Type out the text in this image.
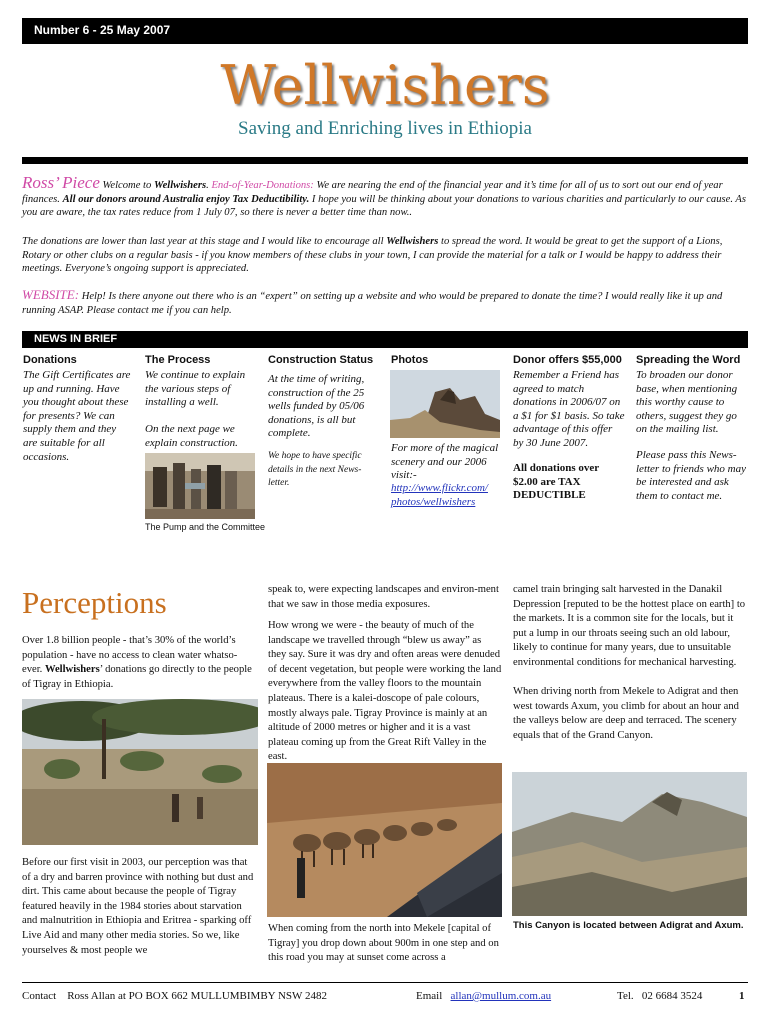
Number 6 - 25 May 2007
Wellwishers
Saving and Enriching lives in Ethiopia
Ross’ Piece Welcome to Wellwishers. End-of-Year-Donations: We are nearing the end of the financial year and it’s time for all of us to sort out our end of year finances. All our donors around Australia enjoy Tax Deductibility. I hope you will be thinking about your donations to various charities and particularly to our cause. As you are aware, the tax rates reduce from 1 July 07, so there is never a better time than now..
The donations are lower than last year at this stage and I would like to encourage all Wellwishers to spread the word. It would be great to get the support of a Lions, Rotary or other clubs on a regular basis - if you know members of these clubs in your town, I can provide the material for a talk or I would be happy to address their meetings. Everyone’s ongoing support is appreciated.
WEBSITE: Help! Is there anyone out there who is an “expert” on setting up a website and who would be prepared to donate the time? I would really like it up and running ASAP. Please contact me if you can help.
NEWS IN BRIEF
Donations
The Gift Certificates are up and running. Have you thought about these for presents? We can supply them and they are suitable for all occasions.
The Process
We continue to explain the various steps of installing a well.
On the next page we explain construction.
The Pump and the Committee
Construction Status
At the time of writing, construction of the 25 wells funded by 05/06 donations, is all but complete.
We hope to have specific details in the next News-letter.
Photos
For more of the magical scenery and our 2006 visit:-
http://www.flickr.com/
photos/wellwishers
Donor offers $55,000
Remember a Friend has agreed to match donations in 2006/07 on a $1 for $1 basis. So take advantage of this offer by 30 June 2007.
All donations over $2.00 are TAX DEDUCTIBLE
Spreading the Word
To broaden our donor base, when mentioning this worthy cause to others, suggest they go on the mailing list.
Please pass this News-letter to friends who may be interested and ask them to contact me.
Perceptions
Over 1.8 billion people - that’s 30% of the world’s population - have no access to clean water whatso-ever. Wellwishers’ donations go directly to the people of Tigray in Ethiopia.
Before our first visit in 2003, our perception was that of a dry and barren province with nothing but dust and dirt. This came about because the people of Tigray featured heavily in the 1984 stories about starvation and malnutrition in Ethiopia and Eritrea - sparking off Live Aid and many other media stories. So we, like yourselves & most people we
speak to, were expecting landscapes and environ-ment that we saw in those media exposures.
How wrong we were - the beauty of much of the landscape we travelled through “blew us away” as they say. Sure it was dry and often areas were denuded of decent vegetation, but people were working the land everywhere from the valley floors to the mountain plateaus. There is a kalei-doscope of pale colours, mostly always pale. Tigray Province is mainly at an altitude of 2000 metres or higher and it is a vast plateau coming up from the Great Rift Valley in the east.
When coming from the north into Mekele [capital of Tigray] you drop down about 900m in one step and on this road you may at sunset come across a
camel train bringing salt harvested in the Danakil Depression [reputed to be the hottest place on earth] to the markets. It is a common site for the locals, but it put a lump in our throats seeing such an old labour, likely to continue for many years, due to unsuitable environmental conditions for mechanical harvesting.
When driving north from Mekele to Adigrat and then west towards Axum, you climb for about an hour and the valleys below are deep and terraced. The scenery equals that of the Grand Canyon.
This Canyon is located between Adigrat and Axum.
Contact Ross Allan at PO BOX 662 MULLUMBIMBY NSW 2482	Email allan@mullum.com.au	Tel. 02 6684 3524	1
